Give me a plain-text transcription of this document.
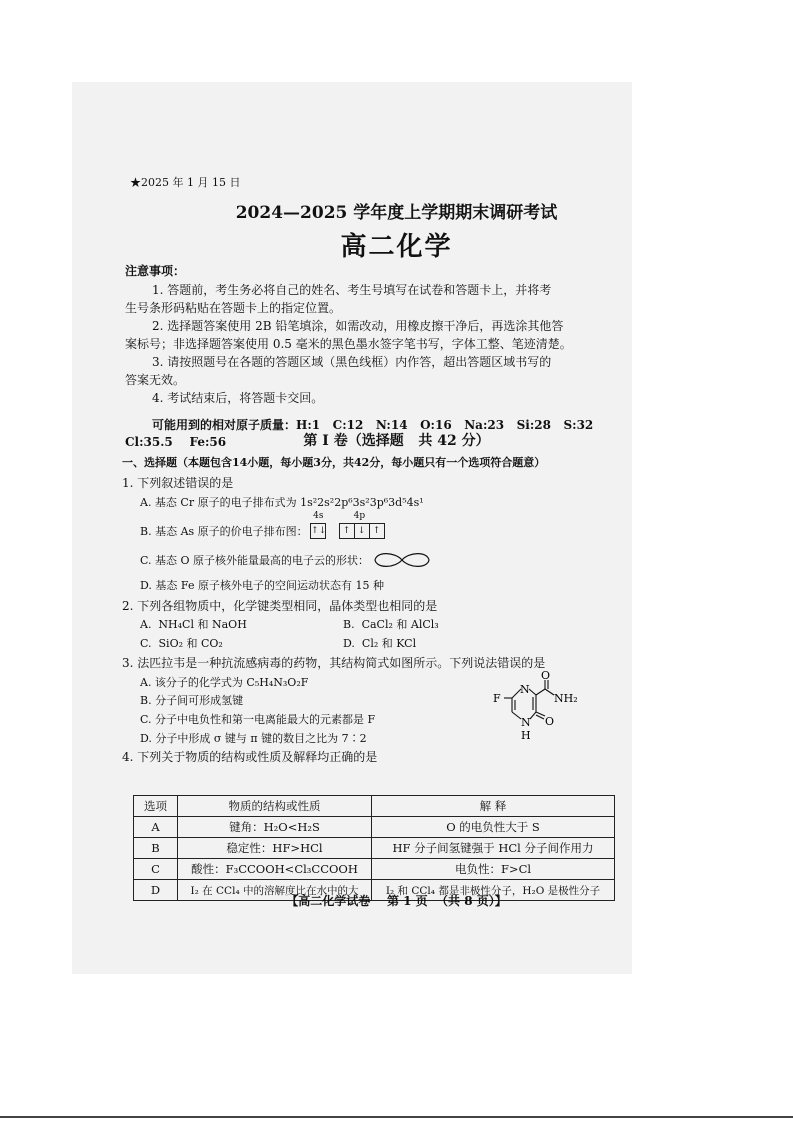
★2025 年 1 月 15 日
2024—2025 学年度上学期期末调研考试
高二化学
注意事项：
1. 答题前，考生务必将自己的姓名、考生号填写在试卷和答题卡上，并将考
生号条形码粘贴在答题卡上的指定位置。
2. 选择题答案使用 2B 铅笔填涂，如需改动，用橡皮擦干净后，再选涂其他答
案标号；非选择题答案使用 0.5 毫米的黑色墨水签字笔书写，字体工整、笔迹清楚。
3. 请按照题号在各题的答题区域（黑色线框）内作答，超出答题区域书写的
答案无效。
4. 考试结束后，将答题卡交回。
可能用到的相对原子质量：H:1   C:12   N:14   O:16   Na:23   Si:28   S:32
Cl:35.5    Fe:56	第 I 卷（选择题   共 42 分）
一、选择题（本题包含14小题，每小题3分，共42分，每小题只有一个选项符合题意）
1. 下列叙述错误的是
A. 基态 Cr 原子的电子排布式为 1s²2s²2p⁶3s²3p⁶3d⁵4s¹
B. 基态 As 原子的价电子排布图：
4s
↑↓
4p
↑ ↓ ↑
C. 基态 O 原子核外能量最高的电子云的形状：
D. 基态 Fe 原子核外电子的空间运动状态有 15 种
2. 下列各组物质中，化学键类型相同，晶体类型也相同的是
A.  NH₄Cl 和 NaOH	B.  CaCl₂ 和 AlCl₃
C.  SiO₂ 和 CO₂	D.  Cl₂ 和 KCl
3. 法匹拉韦是一种抗流感病毒的药物，其结构简式如图所示。下列说法错误的是
A. 该分子的化学式为 C₅H₄N₃O₂F
B. 分子间可形成氢键
C. 分子中电负性和第一电离能最大的元素都是 F
D. 分子中形成 σ 键与 π 键的数目之比为 7∶2
F
N
N
H
O
O
NH₂
4. 下列关于物质的结构或性质及解释均正确的是
选项	物质的结构或性质	解 释
A	键角：H₂O<H₂S	O 的电负性大于 S
B	稳定性：HF>HCl	HF 分子间氢键强于 HCl 分子间作用力
C	酸性：F₃CCOOH<Cl₃CCOOH	电负性：F>Cl
D	I₂ 在 CCl₄ 中的溶解度比在水中的大	I₂ 和 CCl₄ 都是非极性分子，H₂O 是极性分子
【高二化学试卷    第 1 页  （共 8 页）】
